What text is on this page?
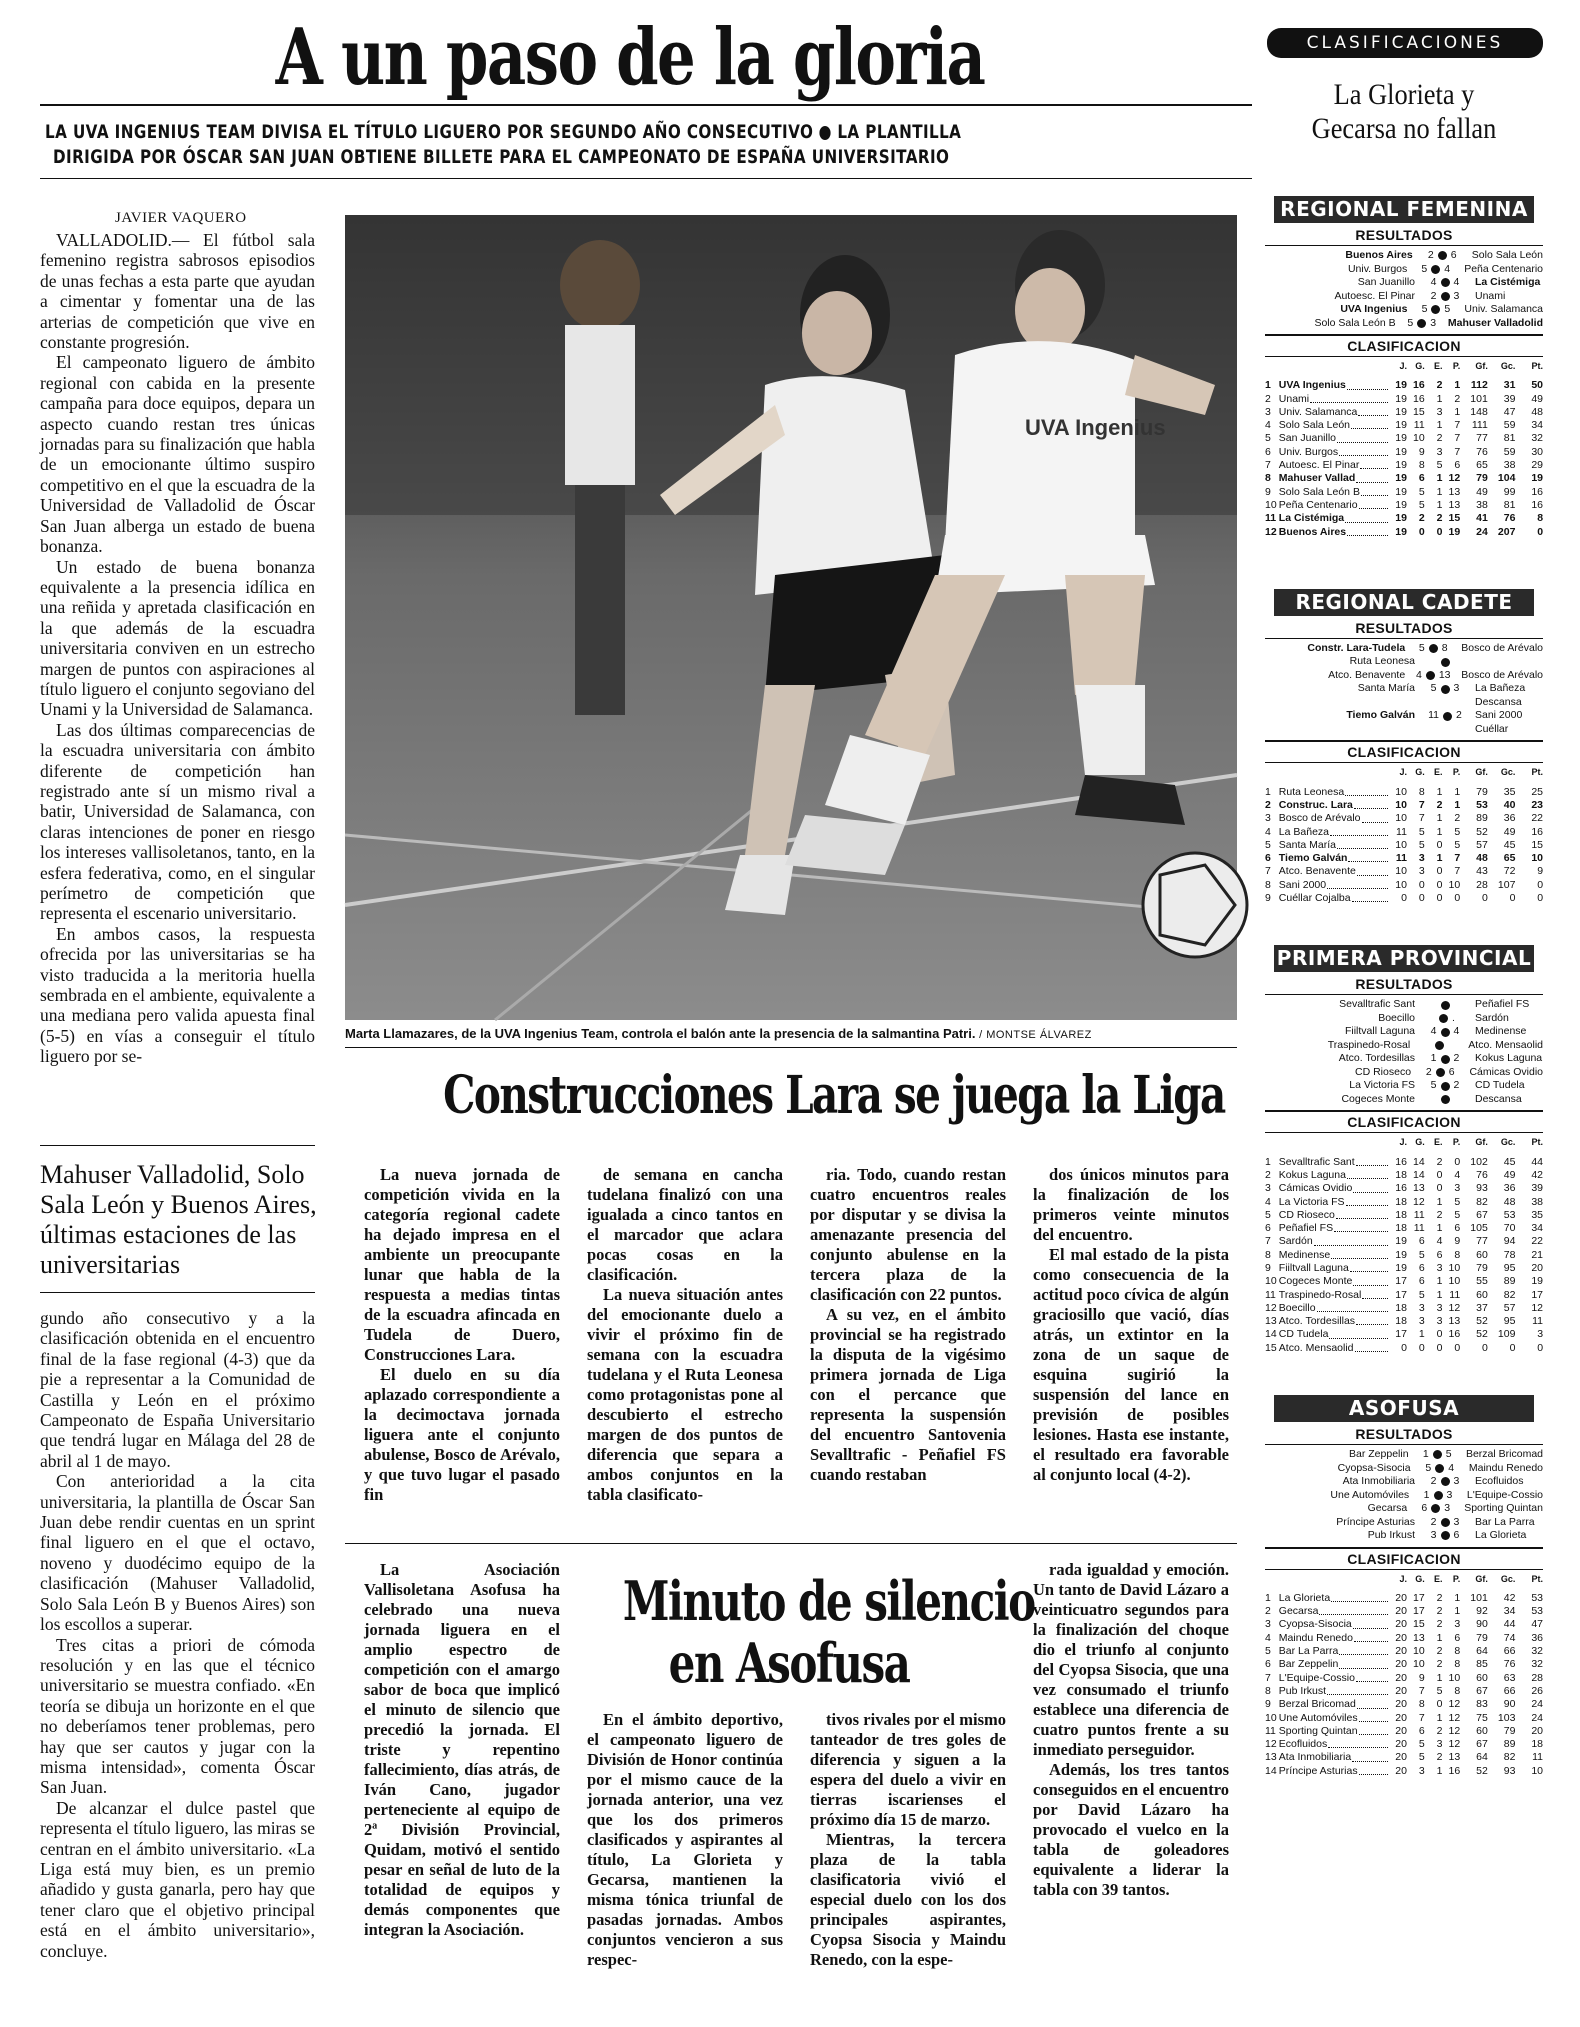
A un paso de la gloria
LA UVA INGENIUS TEAM DIVISA EL TÍTULO LIGUERO POR SEGUNDO AÑO CONSECUTIVO LA PLANTILLA
DIRIGIDA POR ÓSCAR SAN JUAN OBTIENE BILLETE PARA EL CAMPEONATO DE ESPAÑA UNIVERSITARIO
JAVIER VAQUERO

VALLADOLID.— El fútbol sala femenino registra sabrosos episodios de unas fechas a esta parte que ayudan a cimentar y fomentar una de las arterias de competición que vive en constante progresión.

El campeonato liguero de ámbito regional con cabida en la presente campaña para doce equipos, depara un aspecto cuando restan tres únicas jornadas para su finalización que habla de un emocionante último suspiro competitivo en el que la escuadra de la Universidad de Valladolid de Óscar San Juan alberga un estado de buena bonanza.

Un estado de buena bonanza equivalente a la presencia idílica en una reñida y apretada clasificación en la que además de la escuadra universitaria conviven en un estrecho margen de puntos con aspiraciones al título liguero el conjunto segoviano del Unami y la Universidad de Salamanca.

Las dos últimas comparecencias de la escuadra universitaria con ámbito diferente de competición han registrado ante sí un mismo rival a batir, Universidad de Salamanca, con claras intenciones de poner en riesgo los intereses vallisoletanos, tanto, en la esfera federativa, como, en el singular perímetro de competición que representa el escenario universitario.

En ambos casos, la respuesta ofrecida por las universitarias se ha visto traducida a la meritoria huella sembrada en el ambiente, equivalente a una mediana pero valida apuesta final (5-5) en vías a conseguir el título liguero por se-

Mahuser Valladolid, Solo Sala León y Buenos Aires, últimas estaciones de las universitarias

gundo año consecutivo y a la clasificación obtenida en el encuentro final de la fase regional (4-3) que da pie a representar a la Comunidad de Castilla y León en el próximo Campeonato de España Universitario que tendrá lugar en Málaga del 28 de abril al 1 de mayo.

Con anterioridad a la cita universitaria, la plantilla de Óscar San Juan debe rendir cuentas en un sprint final liguero en el que el octavo, noveno y duodécimo equipo de la clasificación (Mahuser Valladolid, Solo Sala León B y Buenos Aires) son los escollos a superar.

Tres citas a priori de cómoda resolución y en las que el técnico universitario se muestra confiado. «En teoría se dibuja un horizonte en el que no deberíamos tener problemas, pero hay que ser cautos y jugar con la misma intensidad», comenta Óscar San Juan.

De alcanzar el dulce pastel que representa el título liguero, las miras se centran en el ámbito universitario. «La Liga está muy bien, es un premio añadido y gusta ganarla, pero hay que tener claro que el objetivo principal está en el ámbito universitario», concluye.

UVA Ingenius
Marta Llamazares, de la UVA Ingenius Team, controla el balón ante la presencia de la salmantina Patri. / MONTSE ÁLVAREZ
Construcciones Lara se juega la Liga

La nueva jornada de competición vivida en la categoría regional cadete ha dejado impresa en el ambiente un preocupante lunar que habla de la respuesta a medias tintas de la escuadra afincada en Tudela de Duero, Construcciones Lara.

El duelo en su día aplazado correspondiente a la decimoctava jornada liguera ante el conjunto abulense, Bosco de Arévalo, y que tuvo lugar el pasado fin

de semana en cancha tudelana finalizó con una igualada a cinco tantos en el marcador que aclara pocas cosas en la clasificación.

La nueva situación antes del emocionante duelo a vivir el próximo fin de semana con la escuadra tudelana y el Ruta Leonesa como protagonistas pone al descubierto el estrecho margen de dos puntos de diferencia que separa a ambos conjuntos en la tabla clasificato-

ria. Todo, cuando restan cuatro encuentros reales por disputar y se divisa la amenazante presencia del conjunto abulense en la tercera plaza de la clasificación con 22 puntos.

A su vez, en el ámbito provincial se ha registrado la disputa de la vigésimo primera jornada de Liga con el percance que representa la suspensión del encuentro Santovenia Sevalltrafic - Peñafiel FS cuando restaban

dos únicos minutos para la finalización de los primeros veinte minutos del encuentro.

El mal estado de la pista como consecuencia de la actitud poco cívica de algún graciosillo que vació, días atrás, un extintor en la zona de un saque de esquina sugirió la suspensión del lance en previsión de posibles lesiones. Hasta ese instante, el resultado era favorable al conjunto local (4-2).

La Asociación Vallisoletana Asofusa ha celebrado una nueva jornada liguera en el amplio espectro de competición con el amargo sabor de boca que implicó el minuto de silencio que precedió la jornada. El triste y repentino fallecimiento, días atrás, de Iván Cano, jugador perteneciente al equipo de 2ª División Provincial, Quidam, motivó el sentido pesar en señal de luto de la totalidad de equipos y demás componentes que integran la Asociación.

Minuto de silencio
en Asofusa

En el ámbito deportivo, el campeonato liguero de División de Honor continúa por el mismo cauce de la jornada anterior, una vez que los dos primeros clasificados y aspirantes al título, La Glorieta y Gecarsa, mantienen la misma tónica triunfal de pasadas jornadas. Ambos conjuntos vencieron a sus respec-

tivos rivales por el mismo tanteador de tres goles de diferencia y siguen a la espera del duelo a vivir en tierras iscarienses el próximo día 15 de marzo.

Mientras, la tercera plaza de la tabla clasificatoria vivió el especial duelo con los dos principales aspirantes, Cyopsa Sisocia y Maindu Renedo, con la espe-

rada igualdad y emoción. Un tanto de David Lázaro a veinticuatro segundos para la finalización del choque dio el triunfo al conjunto del Cyopsa Sisocia, que una vez consumado el triunfo establece una diferencia de cuatro puntos frente a su inmediato perseguidor.

Además, los tres tantos conseguidos en el encuentro por David Lázaro ha provocado el vuelco en la tabla de goleadores equivalente a liderar la tabla con 39 tantos.

CLASIFICACIONES
La Glorieta y
Gecarsa no fallan
REGIONAL FEMENINA
RESULTADOS
Buenos Aires 2 6 Solo Sala León
Univ. Burgos 5 4 Peña Centenario
San Juanillo 4 4 La Cistémiga
Autoesc. El Pinar 2 3 Unami
UVA Ingenius 5 5 Univ. Salamanca
Solo Sala León B 5 3 Mahuser Valladolid
CLASIFICACION
J. G.	E.	P.	Gf.	Gc.	Pt.
1 UVA Ingenius	19 16	2	1	112	31	50
2 Unami	19 16	1	2 101	39	49
3 Univ. Salamanca	19 15	3	1 148	47	48
4 Solo Sala León	19 11	1	7	111	59	34
5 San Juanillo	19 10	2	7	77	81	32
6 Univ. Burgos	19	9	3	7	76	59	30
7 Autoesc. El Pinar	19	8	5	6	65	38	29
8 Mahuser Vallad	19	6	1 12	79 104	19
9 Solo Sala León B	19	5	1 13	49	99	16
10 Peña Centenario	19	5	1 13	38	81	16
11 La Cistémiga	19	2	2 15	41	76	8
12 Buenos Aires	19	0	0 19	24 207	0
REGIONAL CADETE
RESULTADOS
Constr. Lara-Tudela 5 8 Bosco de Arévalo
Ruta Leonesa
Atco. Benavente 4 13 Bosco de Arévalo
Santa María 5 3 La Bañeza
Descansa
Tiemo Galván 11 2 Sani 2000
Cuéllar
CLASIFICACION
J. G.	E.	P.	Gf.	Gc.	Pt.
1 Ruta Leonesa	10	8	1	1	79	35	25
2 Construc. Lara	10	7	2	1	53	40	23
3 Bosco de Arévalo	10	7	1	2	89	36	22
4 La Bañeza	11	5	1	5	52	49	16
5 Santa María	10	5	0	5	57	45	15
6 Tiemo Galván	11	3	1	7	48	65	10
7 Atco. Benavente	10	3	0	7	43	72	9
8 Sani 2000	10	0	0 10	28 107	0
9 Cuéllar Cojalba	0	0	0	0	0	0	0
PRIMERA PROVINCIAL
RESULTADOS
Sevalltrafic Sant	Peñafiel FS
Boecillo	. Sardón
Fiiltvall Laguna 4 4 Medinense
Traspinedo-Rosal	Atco. Mensaolid
Atco. Tordesillas 1 2 Kokus Laguna
CD Rioseco 2 6 Cámicas Ovidio
La Victoria FS 5 2 CD Tudela
Cogeces Monte	Descansa
CLASIFICACION
J. G.	E.	P.	Gf.	Gc.	Pt.
1 Sevalltrafic Sant	16 14	2	0 102	45	44
2 Kokus Laguna	18 14	0	4	76	49	42
3 Cámicas Ovidio	16 13	0	3	93	36	39
4 La Victoria FS	18 12	1	5	82	48	38
5 CD Rioseco	18 11	2	5	67	53	35
6 Peñafiel FS	18 11	1	6 105	70	34
7 Sardón	19	6	4	9	77	94	22
8 Medinense	19	5	6	8	60	78	21
9 Fiiltvall Laguna	19	6	3 10	79	95	20
10 Cogeces Monte	17	6	1 10	55	89	19
11 Traspinedo-Rosal	17	5	1 11	60	82	17
12 Boecillo	18	3	3 12	37	57	12
13 Atco. Tordesillas	18	3	3 13	52	95	11
14 CD Tudela	17	1	0 16	52 109	3
15 Atco. Mensaolid	0	0	0	0	0	0	0
ASOFUSA
RESULTADOS
Bar Zeppelin 1 5 Berzal Bricomad
Cyopsa-Sisocia 5 4 Maindu Renedo
Ata Inmobiliaria 2 3 Ecofluidos
Une Automóviles 1 3 L'Equipe-Cossio
Gecarsa 6 3 Sporting Quintan
Príncipe Asturias 2 3 Bar La Parra
Pub Irkust 3 6 La Glorieta
CLASIFICACION
J. G.	E.	P.	Gf.	Gc.	Pt.
1 La Glorieta	20 17	2	1 101	42	53
2 Gecarsa	20 17	2	1	92	34	53
3 Cyopsa-Sisocia	20 15	2	3	90	44	47
4 Maindu Renedo	20 13	1	6	79	74	36
5 Bar La Parra	20 10	2	8	64	66	32
6 Bar Zeppelin	20 10	2	8	85	76	32
7 L'Equipe-Cossio	20	9	1 10	60	63	28
8 Pub Irkust	20	7	5	8	67	66	26
9 Berzal Bricomad	20	8	0 12	83	90	24
10 Une Automóviles	20	7	1 12	75 103	24
11 Sporting Quintan	20	6	2 12	60	79	20
12 Ecofluidos	20	5	3 12	67	89	18
13 Ata Inmobiliaria	20	5	2 13	64	82	11
14 Príncipe Asturias	20	3	1 16	52	93	10
